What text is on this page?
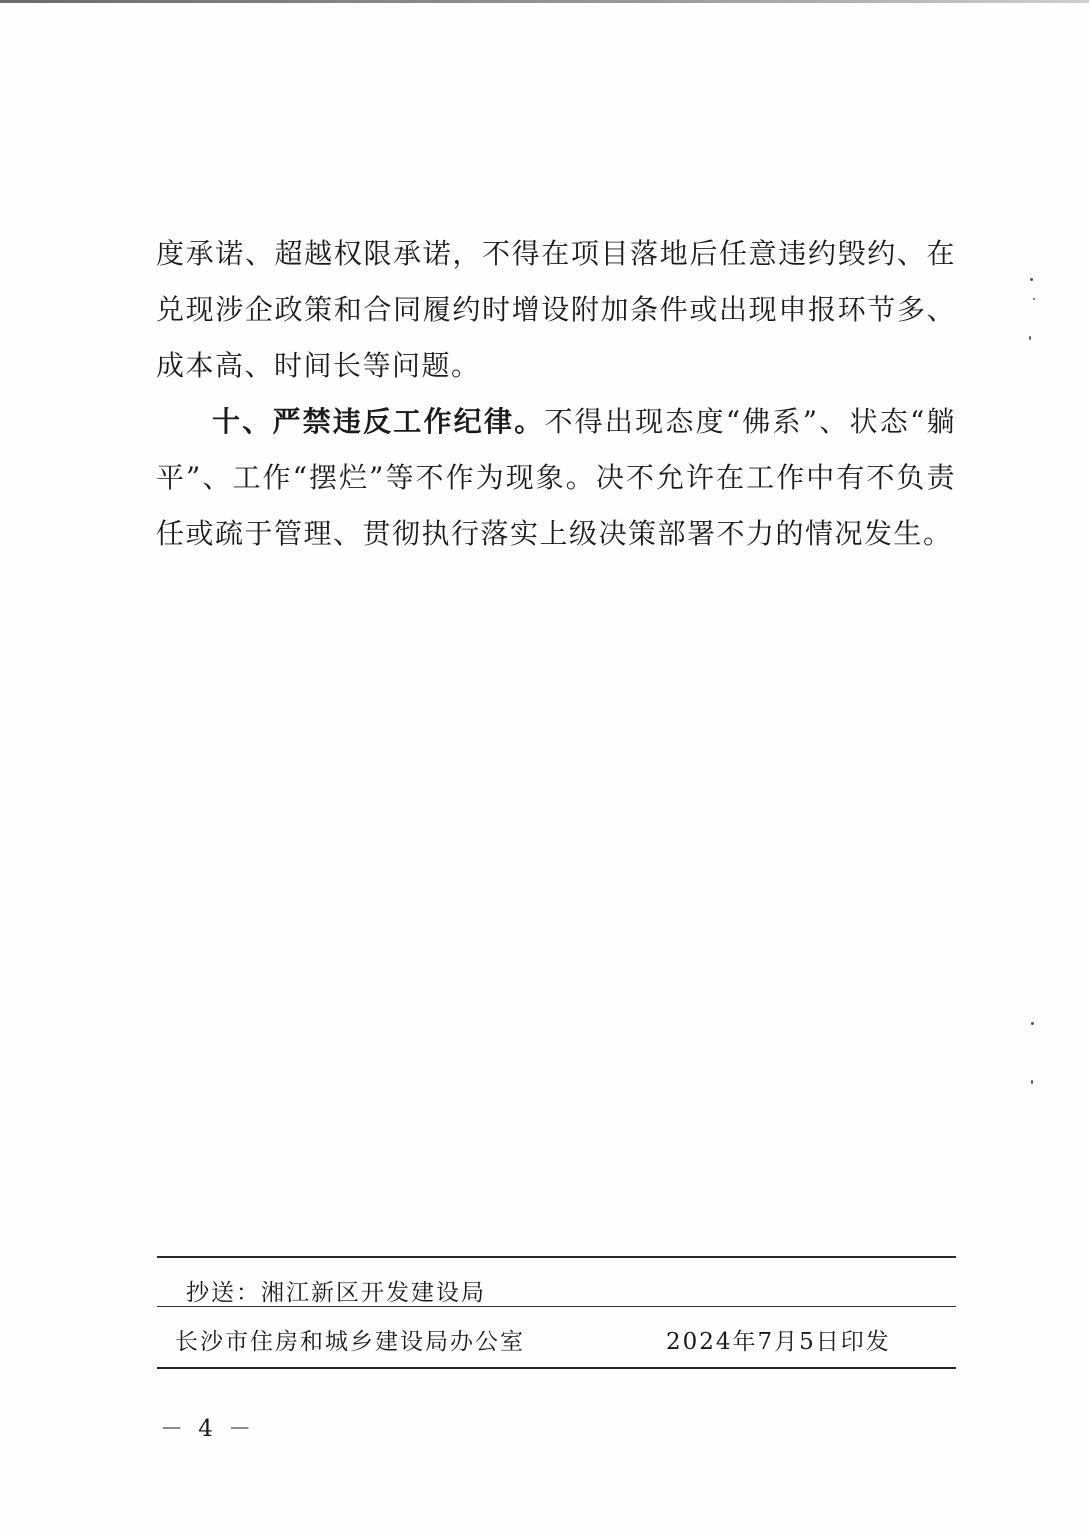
度承诺、超越权限承诺，不得在项目落地后任意违约毁约、在兑现涉企政策和合同履约时增设附加条件或出现申报环节多、成本高、时间长等问题。

十、严禁违反工作纪律。不得出现态度“佛系”、状态“躺平”、工作“摆烂”等不作为现象。决不允许在工作中有不负责任或疏于管理、贯彻执行落实上级决策部署不力的情况发生。

抄送：湘江新区开发建设局
长沙市住房和城乡建设局办公室	2024年7月5日印发
－ 4 －
